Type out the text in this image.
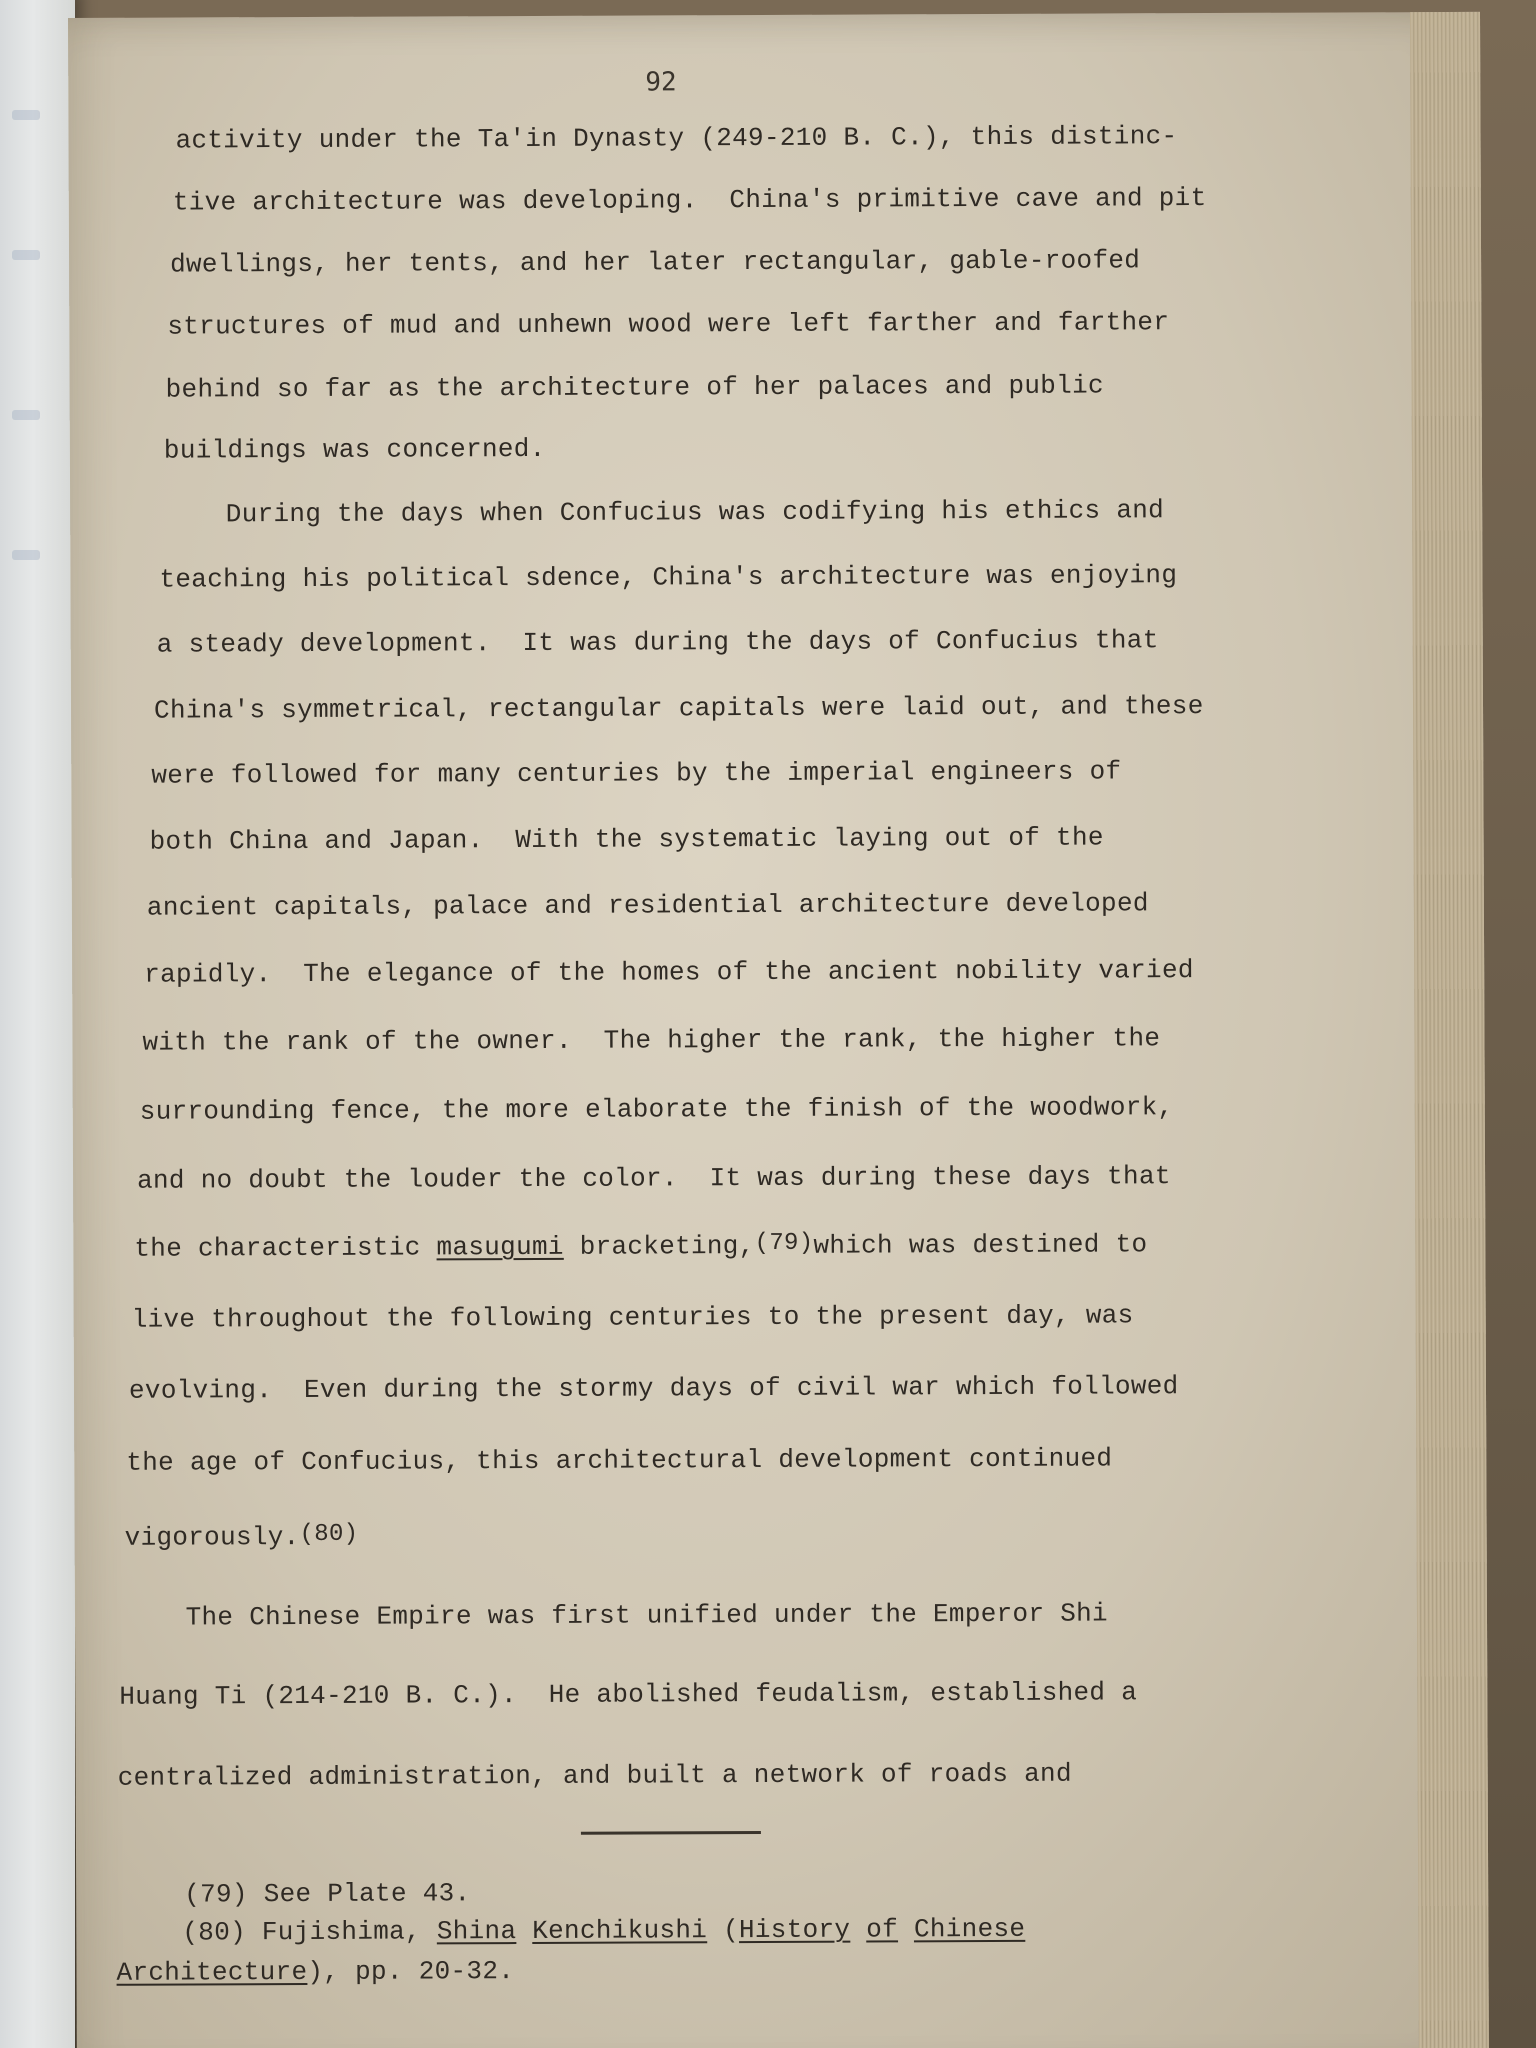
92
activity under the Ta'in Dynasty (249-210 B. C.), this distinc-
tive architecture was developing.  China's primitive cave and pit
dwellings, her tents, and her later rectangular, gable-roofed
structures of mud and unhewn wood were left farther and farther
behind so far as the architecture of her palaces and public
buildings was concerned.
During the days when Confucius was codifying his ethics and
teaching his political sdence, China's architecture was enjoying
a steady development.  It was during the days of Confucius that
China's symmetrical, rectangular capitals were laid out, and these
were followed for many centuries by the imperial engineers of
both China and Japan.  With the systematic laying out of the
ancient capitals, palace and residential architecture developed
rapidly.  The elegance of the homes of the ancient nobility varied
with the rank of the owner.  The higher the rank, the higher the
surrounding fence, the more elaborate the finish of the woodwork,
and no doubt the louder the color.  It was during these days that
the characteristic masugumi bracketing,$^{(79)}$which was destined to
live throughout the following centuries to the present day, was
evolving.  Even during the stormy days of civil war which followed
the age of Confucius, this architectural development continued
vigorously.$^{(80)}$
The Chinese Empire was first unified under the Emperor Shi
Huang Ti (214-210 B. C.).  He abolished feudalism, established a
centralized administration, and built a network of roads and
(79) See Plate 43.
(80) Fujishima, Shina Kenchikushi (History of Chinese
Architecture), pp. 20-32.
